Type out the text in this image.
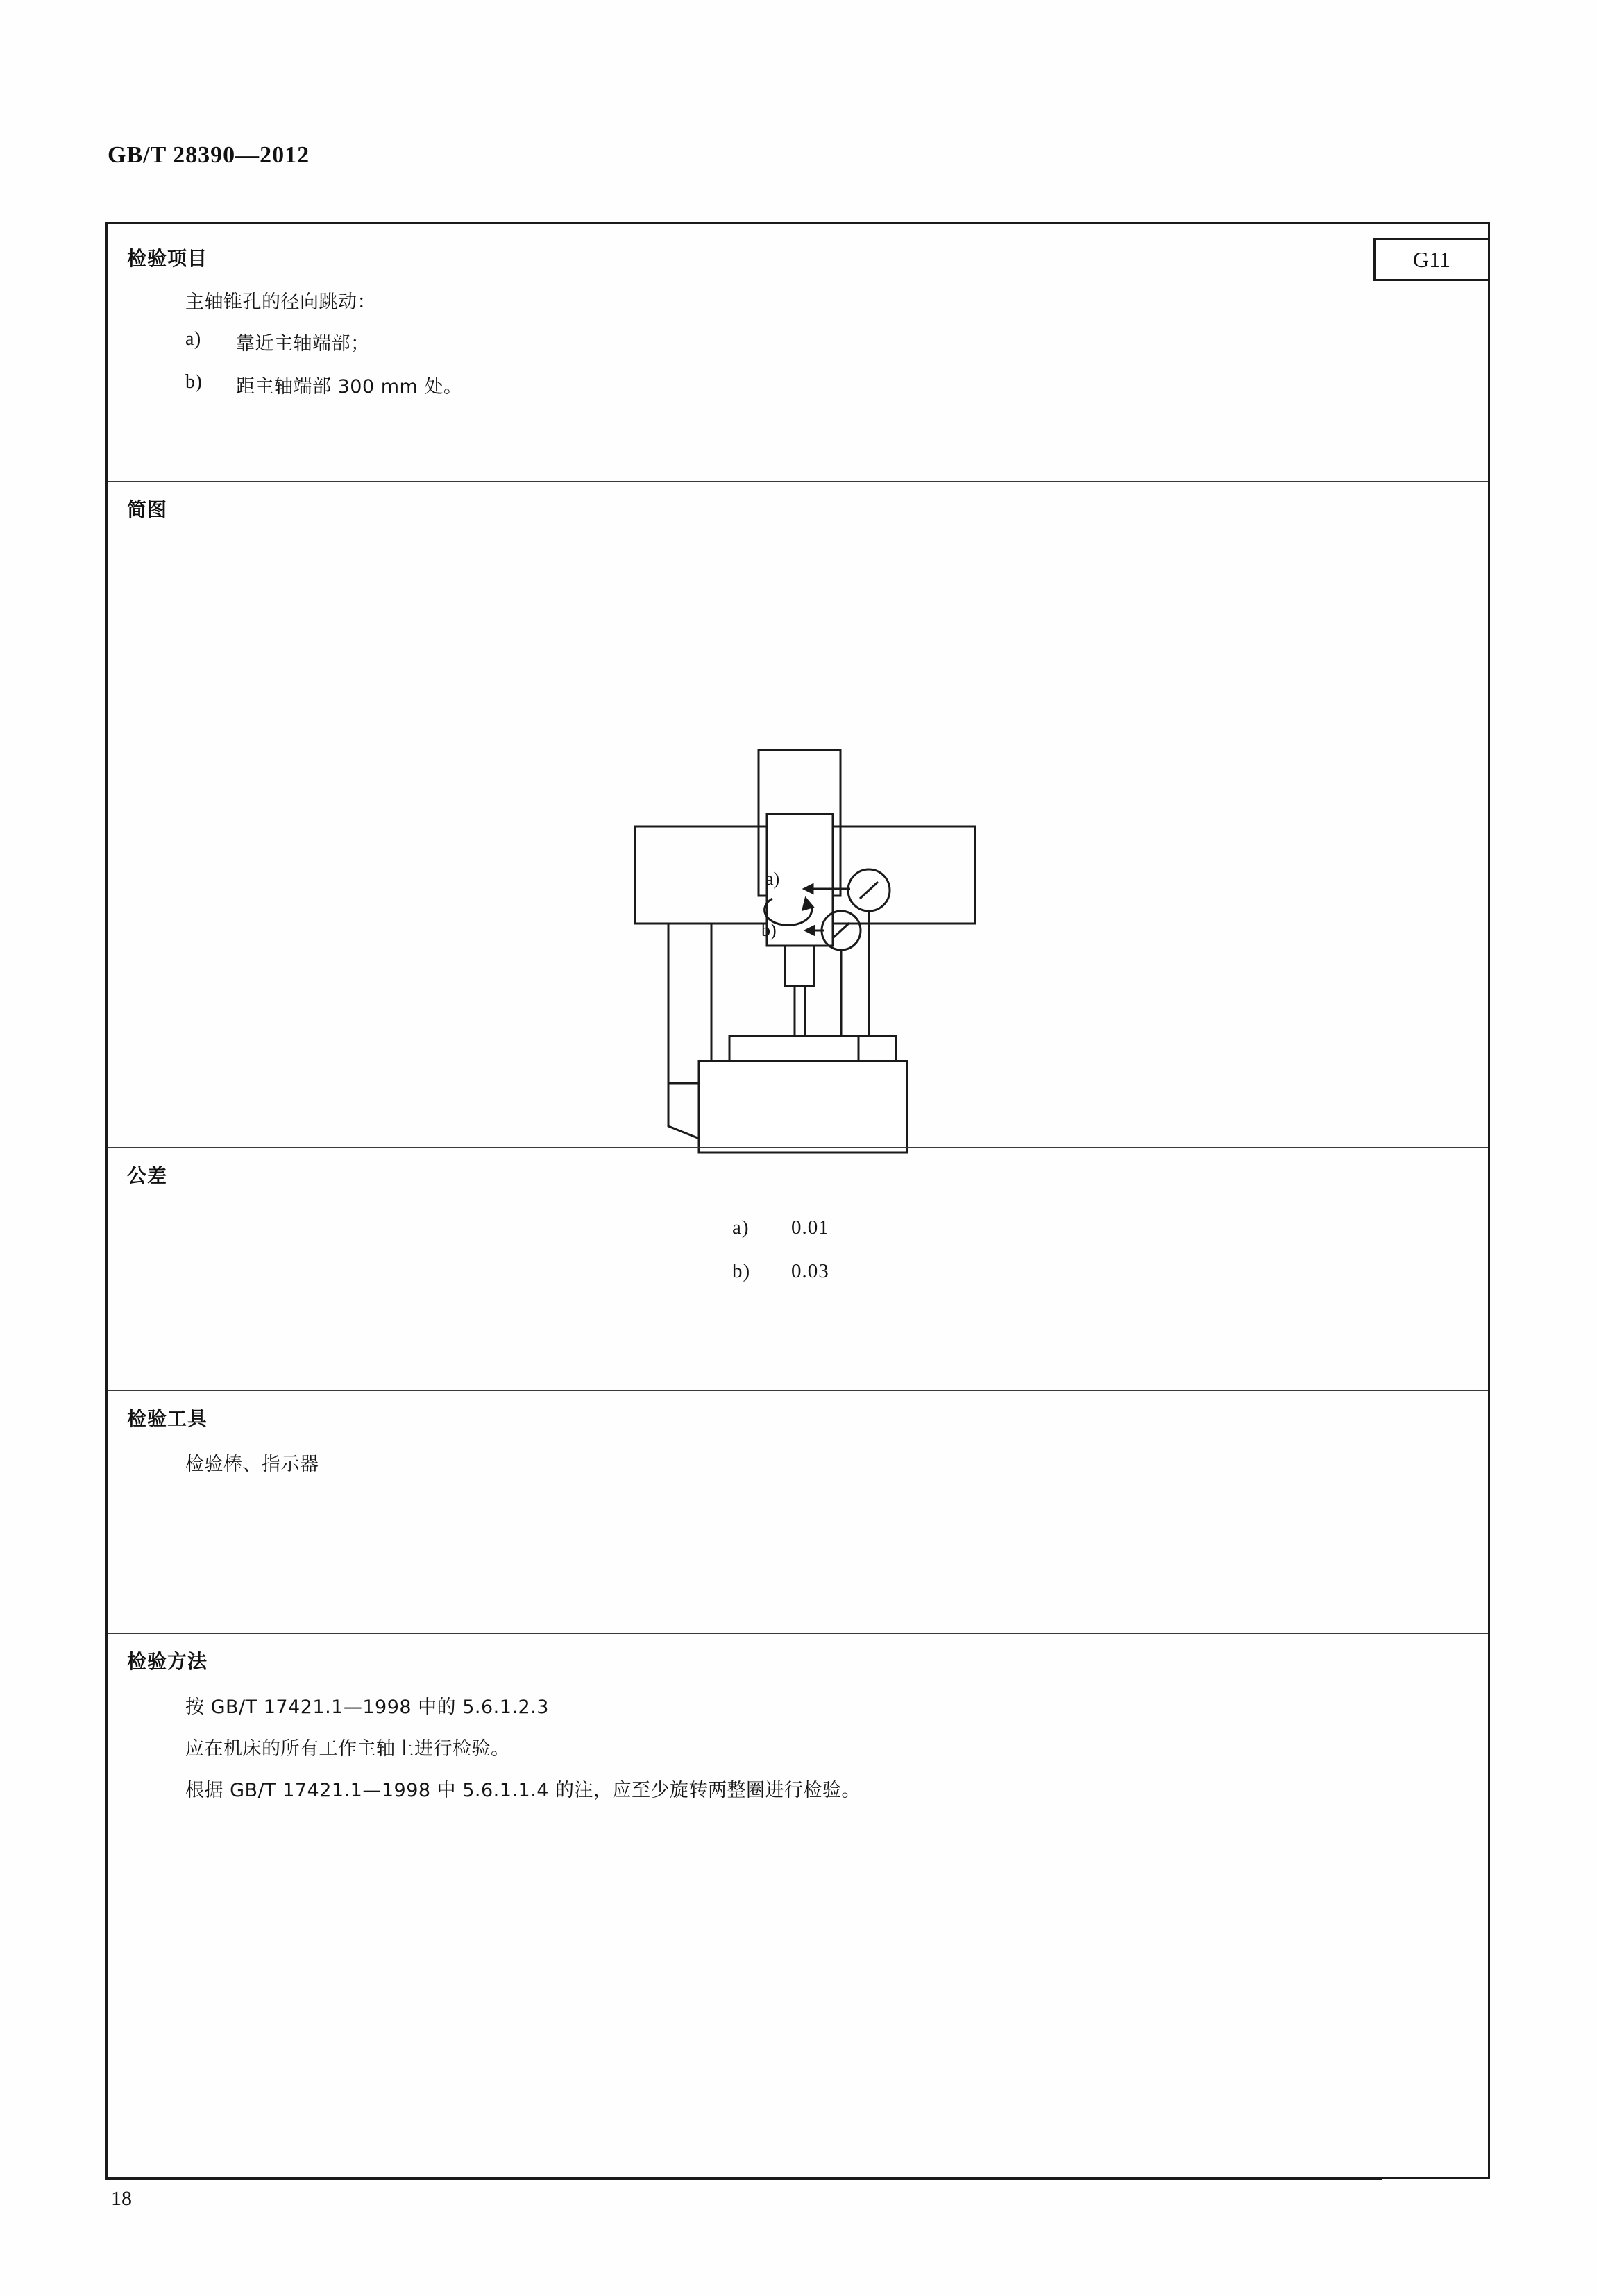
GB/T 28390—2012
G11
检验项目
主轴锥孔的径向跳动：
a) 靠近主轴端部；
b) 距主轴端部 300 mm 处。
简图
a)
b)
公差
a) 0.01
b) 0.03
检验工具
检验棒、指示器
检验方法
按 GB/T 17421.1—1998 中的 5.6.1.2.3
应在机床的所有工作主轴上进行检验。
根据 GB/T 17421.1—1998 中 5.6.1.1.4 的注，应至少旋转两整圈进行检验。
18
